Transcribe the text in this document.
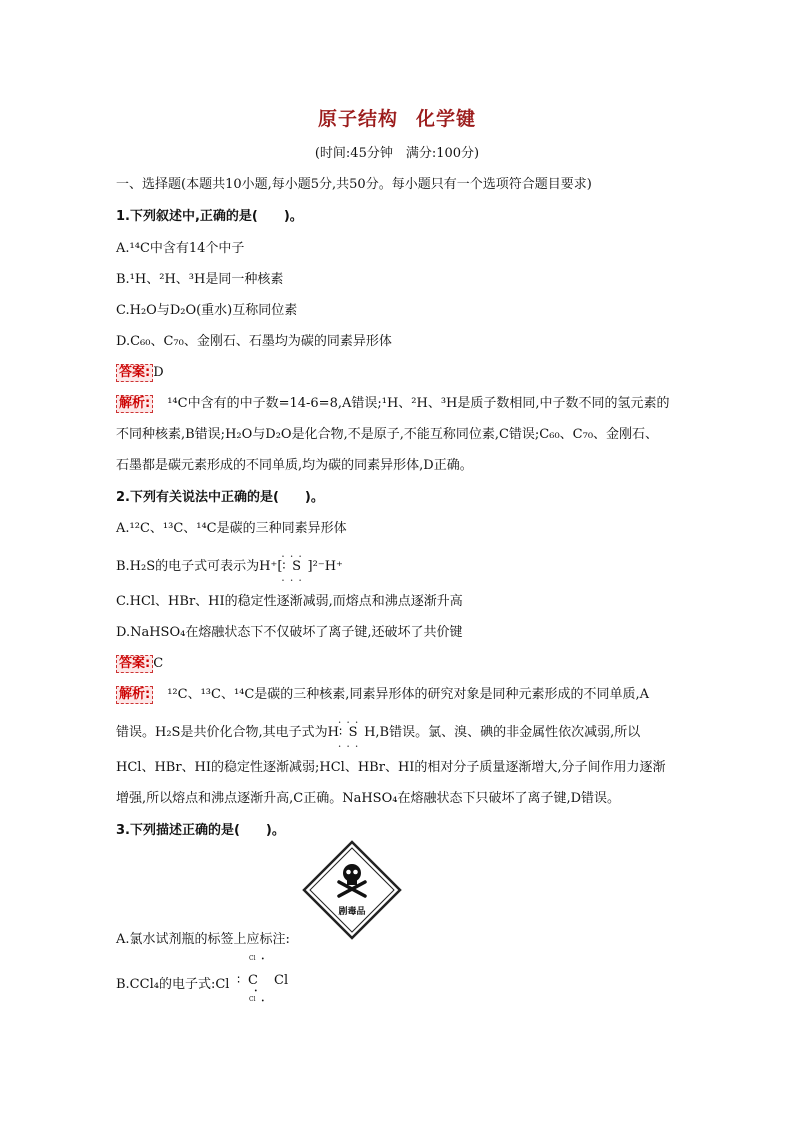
原子结构 化学键
(时间:45分钟　满分:100分)
一、选择题(本题共10小题,每小题5分,共50分。每小题只有一个选项符合题目要求)
1.下列叙述中,正确的是(　　)。
A.¹⁴C中含有14个中子
B.¹H、²H、³H是同一种核素
C.H₂O与D₂O(重水)互称同位素
D.C₆₀、C₇₀、金刚石、石墨均为碳的同素异形体
答案: D
解析: ¹⁴C中含有的中子数=14-6=8,A错误;¹H、²H、³H是质子数相同,中子数不同的氢元素的
不同种核素,B错误;H₂O与D₂O是化合物,不是原子,不能互称同位素,C错误;C₆₀、C₇₀、金刚石、
石墨都是碳元素形成的不同单质,均为碳的同素异形体,D正确。
2.下列有关说法中正确的是(　　)。
A.¹²C、¹³C、¹⁴C是碳的三种同素异形体
B.H₂S的电子式可表示为H⁺[∶ • • • S • • • ]²⁻H⁺
C.HCl、HBr、HI的稳定性逐渐减弱,而熔点和沸点逐渐升高
D.NaHSO₄在熔融状态下不仅破坏了离子键,还破坏了共价键
答案: C
解析: ¹²C、¹³C、¹⁴C是碳的三种核素,同素异形体的研究对象是同种元素形成的不同单质,A
错误。H₂S是共价化合物,其电子式为H∶ • • • S • • • H,B错误。氯、溴、碘的非金属性依次减弱,所以
HCl、HBr、HI的稳定性逐渐减弱;HCl、HBr、HI的相对分子质量逐渐增大,分子间作用力逐渐
增强,所以熔点和沸点逐渐升高,C正确。NaHSO₄在熔融状态下只破坏了离子键,D错误。
3.下列描述正确的是(　　)。
剧毒品
A.氯水试剂瓶的标签上应标注:
B.CCl₄的电子式:Cl ∶
Cl •
C Cl
•
Cl •
